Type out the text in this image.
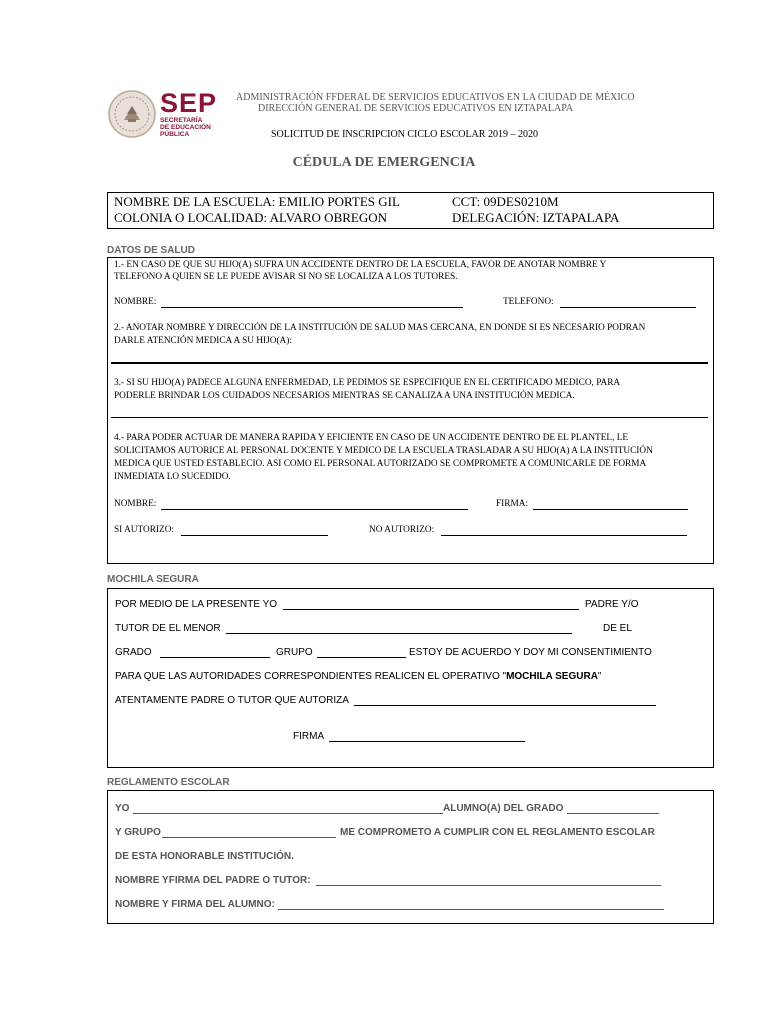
SEP
SECRETARÍA
DE EDUCACIÓN
PÚBLICA
ADMINISTRACIÓN FFDERAL DE SERVICIOS EDUCATIVOS EN LA CIUDAD DE MÉXICO
DIRECCIÓN GENERAL DE SERVICIOS EDUCATIVOS EN IZTAPALAPA
SOLICITUD DE INSCRIPCION CICLO ESCOLAR 2019 – 2020
CÉDULA DE EMERGENCIA
NOMBRE DE LA ESCUELA: EMILIO PORTES GIL	CCT: 09DES0210M
COLONIA O LOCALIDAD: ALVARO OBREGON	DELEGACIÓN: IZTAPALAPA
DATOS DE SALUD
1.- EN CASO DE QUE SU HIJO(A) SUFRA UN ACCIDENTE DENTRO DE LA ESCUELA, FAVOR DE ANOTAR NOMBRE Y
TELEFONO A QUIEN SE LE PUEDE AVISAR SI NO SE LOCALIZA A LOS TUTORES.
NOMBRE:	TELEFONO:
2.- ANOTAR NOMBRE Y DIRECCIÓN DE LA INSTITUCIÓN DE SALUD MAS CERCANA, EN DONDE SI ES NECESARIO PODRAN
DARLE ATENCIÓN MEDICA A SU HIJO(A):
3.- SI SU HIJO(A) PADECE ALGUNA ENFERMEDAD, LE PEDIMOS SE ESPECIFIQUE EN EL CERTIFICADO MEDICO, PARA
PODERLE BRINDAR LOS CUIDADOS NECESARIOS MIENTRAS SE CANALIZA A UNA INSTITUCIÓN MEDICA.
4.- PARA PODER ACTUAR DE MANERA RAPIDA Y EFICIENTE EN CASO DE UN ACCIDENTE DENTRO DE EL PLANTEL, LE
SOLICITAMOS AUTORICE AL PERSONAL DOCENTE Y MEDICO DE LA ESCUELA TRASLADAR A SU HIJO(A) A LA INSTITUCIÓN
MEDICA QUE USTED ESTABLECIO. ASI COMO EL PERSONAL AUTORIZADO SE COMPROMETE A COMUNICARLE DE FORMA
INMEDIATA LO SUCEDIDO.
NOMBRE:	FIRMA:
SI AUTORIZO:	NO AUTORIZO:
MOCHILA SEGURA
POR MEDIO DE LA PRESENTE YO	PADRE Y/O
TUTOR DE EL MENOR	DE EL
GRADO	GRUPO	ESTOY DE ACUERDO Y DOY MI CONSENTIMIENTO
PARA QUE LAS AUTORIDADES CORRESPONDIENTES REALICEN EL OPERATIVO "MOCHILA SEGURA"
ATENTAMENTE PADRE O TUTOR QUE AUTORIZA
FIRMA
REGLAMENTO ESCOLAR
YO	ALUMNO(A) DEL GRADO
Y GRUPO	ME COMPROMETO A CUMPLIR CON EL REGLAMENTO ESCOLAR
DE ESTA HONORABLE INSTITUCIÓN.
NOMBRE YFIRMA DEL PADRE O TUTOR:
NOMBRE Y FIRMA DEL ALUMNO:
